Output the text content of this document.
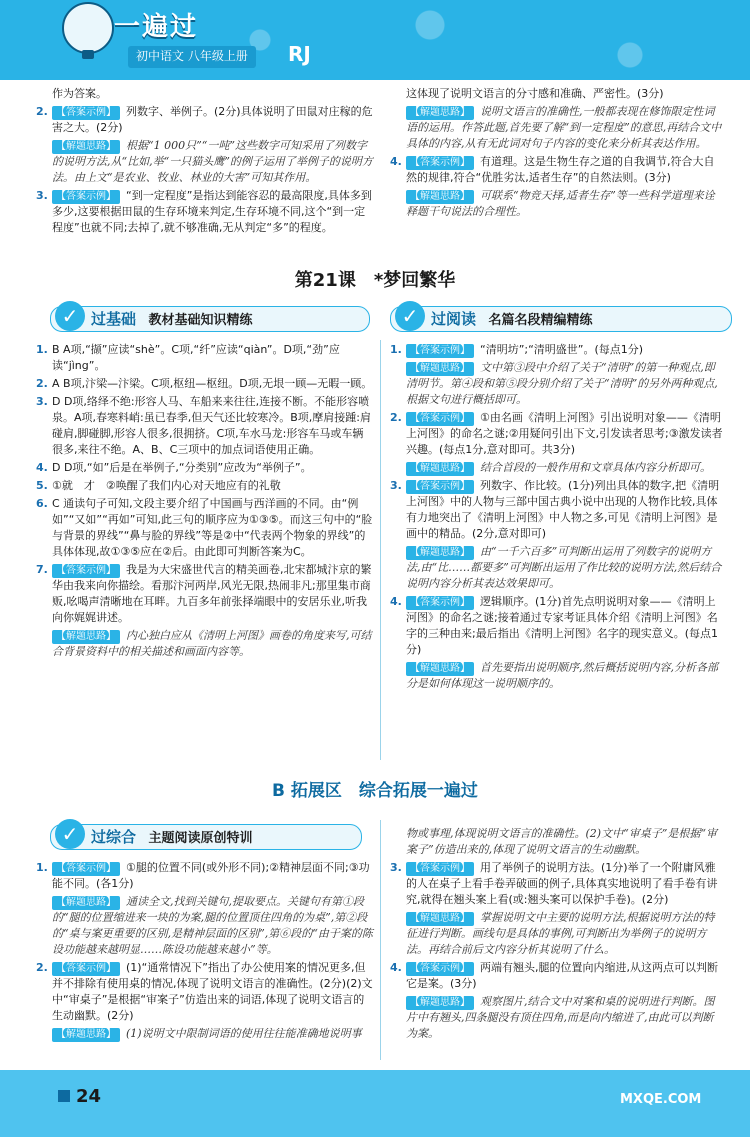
一遍过
初中语文 八年级上册	RJ
作为答案。
2. 【答案示例】 列数字、举例子。(2分)具体说明了田鼠对庄稼的危害之大。(2分)
【解题思路】 根据“1 000只”“一吨”这些数字可知采用了列数字的说明方法,从“比如,举“一只猫头鹰”的例子运用了举例子的说明方法。由上文“是农业、牧业、林业的大害”可知其作用。
3. 【答案示例】 “到一定程度”是指达到能容忍的最高限度,具体多到多少,这要根据田鼠的生存环境来判定,生存环境不同,这个“到一定程度”也就不同;去掉了,就不够准确,无从判定“多”的程度。
这体现了说明文语言的分寸感和准确、严密性。(3分)
【解题思路】 说明文语言的准确性,一般都表现在修饰限定性词语的运用。作答此题,首先要了解“到一定程度”的意思,再结合文中具体的内容,从有无此词对句子内容的变化来分析其表达作用。
4. 【答案示例】 有道理。这是生物生存之道的自我调节,符合大自然的规律,符合“优胜劣汰,适者生存”的自然法则。(3分)
【解题思路】 可联系“物竞天择,适者生存”等一些科学道理来诠释题干句说法的合理性。
第21课　*梦回繁华
✓ 过基础 教材基础知识精练	✓ 过阅读 名篇名段精编精练
1. B A项,“撷”应读“shè”。C项,“纤”应读“qiàn”。D项,“劲”应读“jìng”。
2. A B项,汴梁—汴梁。C项,枢纽—枢纽。D项,无垠一顾—无暇一顾。
3. D D项,络绎不绝:形容人马、车船来来往往,连接不断。不能形容喷泉。A项,春寒料峭:虽已春季,但天气还比较寒冷。B项,摩肩接踵:肩碰肩,脚碰脚,形容人很多,很拥挤。C项,车水马龙:形容车马或车辆很多,来往不绝。A、B、C三项中的加点词语使用正确。
4. D D项,“如”后是在举例子,“分类别”应改为“举例子”。
5. ①就　才　②唤醒了我们内心对天地应有的礼敬
6. C 通读句子可知,文段主要介绍了中国画与西洋画的不同。由“例如”“又如”“再如”可知,此三句的顺序应为①③⑤。而这三句中的“脸与背景的界线”“鼻与脸的界线”等是②中“代表两个物象的界线”的具体体现,故①③⑤应在②后。由此即可判断答案为C。
7. 【答案示例】 我是为大宋盛世代言的精美画卷,北宋都城汴京的繁华由我来向你描绘。看那汴河两岸,风光无限,热闹非凡;那里集市商贩,吆喝声清晰地在耳畔。九百多年前张择端眼中的安居乐业,听我向你娓娓讲述。
【解题思路】 内心独白应从《清明上河图》画卷的角度来写,可结合背景资料中的相关描述和画面内容等。
1. 【答案示例】 “清明坊”;“清明盛世”。(每点1分)
【解题思路】 文中第③段中介绍了关于“清明”的第一种观点,即清明节。第④段和第⑤段分别介绍了关于“清明”的另外两种观点,根据文句进行概括即可。
2. 【答案示例】 ①由名画《清明上河图》引出说明对象——《清明上河图》的命名之谜;②用疑问引出下文,引发读者思考;③激发读者兴趣。(每点1分,意对即可。共3分)
【解题思路】 结合首段的一般作用和文章具体内容分析即可。
3. 【答案示例】 列数字、作比较。(1分)列出具体的数字,把《清明上河图》中的人物与三部中国古典小说中出现的人物作比较,具体有力地突出了《清明上河图》中人物之多,可见《清明上河图》是画中的精品。(2分,意对即可)
【解题思路】 由“一千六百多”可判断出运用了列数字的说明方法,由“比……都要多”可判断出运用了作比较的说明方法,然后结合说明内容分析其表达效果即可。
4. 【答案示例】 逻辑顺序。(1分)首先点明说明对象——《清明上河图》的命名之谜;接着通过专家考证具体介绍《清明上河图》名字的三种由来;最后指出《清明上河图》名字的现实意义。(每点1分)
【解题思路】 首先要指出说明顺序,然后概括说明内容,分析各部分是如何体现这一说明顺序的。
B 拓展区　综合拓展一遍过
✓ 过综合 主题阅读原创特训
1. 【答案示例】 ①腿的位置不同(或外形不同);②精神层面不同;③功能不同。(各1分)
【解题思路】 通读全文,找到关键句,提取要点。关键句有第①段的“腿的位置缩进来一块的为案,腿的位置顶住四角的为桌”,第②段的“桌与案更重要的区别,是精神层面的区别”,第⑥段的“由于案的陈设功能越来越明显……陈设功能越来越小”等。
2. 【答案示例】 (1)“通常情况下”指出了办公使用案的情况更多,但并不排除有使用桌的情况,体现了说明文语言的准确性。(2分)(2)文中“审桌子”是根据“审案子”仿造出来的词语,体现了说明文语言的生动幽默。(2分)
【解题思路】 (1)说明文中限制词语的使用往往能准确地说明事
物或事理,体现说明文语言的准确性。(2)文中“审桌子”是根据“审案子”仿造出来的,体现了说明文语言的生动幽默。
3. 【答案示例】 用了举例子的说明方法。(1分)举了一个附庸风雅的人在桌子上看手卷弄破画的例子,具体真实地说明了看手卷有讲究,就得在翘头案上看(或:翘头案可以保护手卷)。(2分)
【解题思路】 掌握说明文中主要的说明方法,根据说明方法的特征进行判断。画线句是具体的事例,可判断出为举例子的说明方法。再结合前后文内容分析其说明了什么。
4. 【答案示例】 两端有翘头,腿的位置向内缩进,从这两点可以判断它是案。(3分)
【解题思路】 观察图片,结合文中对案和桌的说明进行判断。图片中有翘头,四条腿没有顶住四角,而是向内缩进了,由此可以判断为案。
24	MXQE.COM
